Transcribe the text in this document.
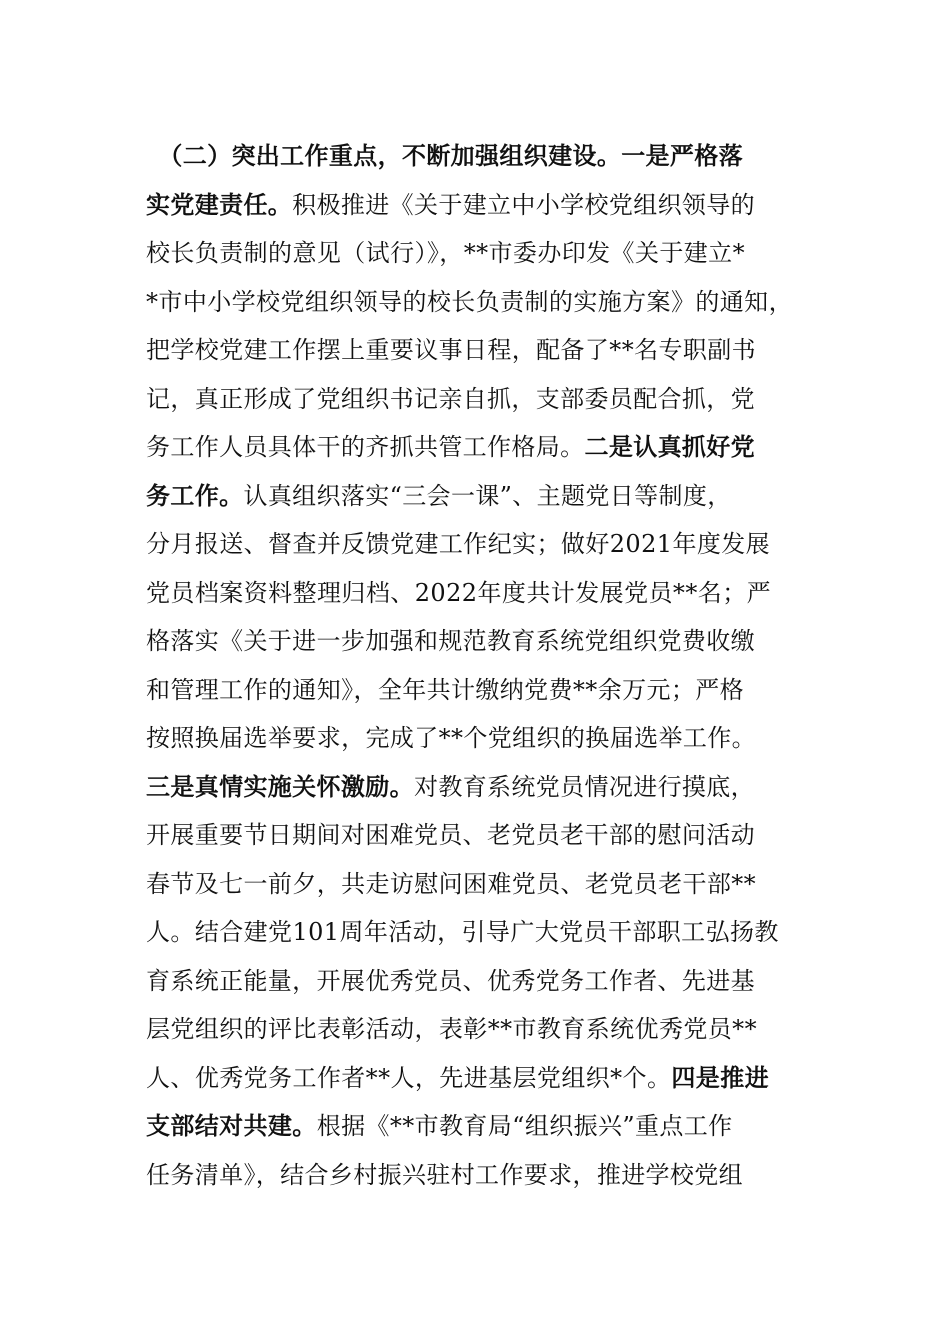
　（二）突出工作重点，不断加强组织建设。一是严格落
实党建责任。积极推进《关于建立中小学校党组织领导的
校长负责制的意见（试行）》，**市委办印发《关于建立*
*市中小学校党组织领导的校长负责制的实施方案》的通知，
把学校党建工作摆上重要议事日程，配备了**名专职副书
记，真正形成了党组织书记亲自抓，支部委员配合抓，党
务工作人员具体干的齐抓共管工作格局。二是认真抓好党
务工作。认真组织落实“三会一课”、主题党日等制度，
分月报送、督查并反馈党建工作纪实；做好2021年度发展
党员档案资料整理归档、2022年度共计发展党员**名；严
格落实《关于进一步加强和规范教育系统党组织党费收缴
和管理工作的通知》，全年共计缴纳党费**余万元；严格
按照换届选举要求，完成了**个党组织的换届选举工作。
三是真情实施关怀激励。对教育系统党员情况进行摸底，
开展重要节日期间对困难党员、老党员老干部的慰问活动
春节及七一前夕，共走访慰问困难党员、老党员老干部**
人。结合建党101周年活动，引导广大党员干部职工弘扬教
育系统正能量，开展优秀党员、优秀党务工作者、先进基
层党组织的评比表彰活动，表彰**市教育系统优秀党员**
人、优秀党务工作者**人，先进基层党组织*个。四是推进
支部结对共建。根据《**市教育局“组织振兴”重点工作
任务清单》，结合乡村振兴驻村工作要求，推进学校党组
